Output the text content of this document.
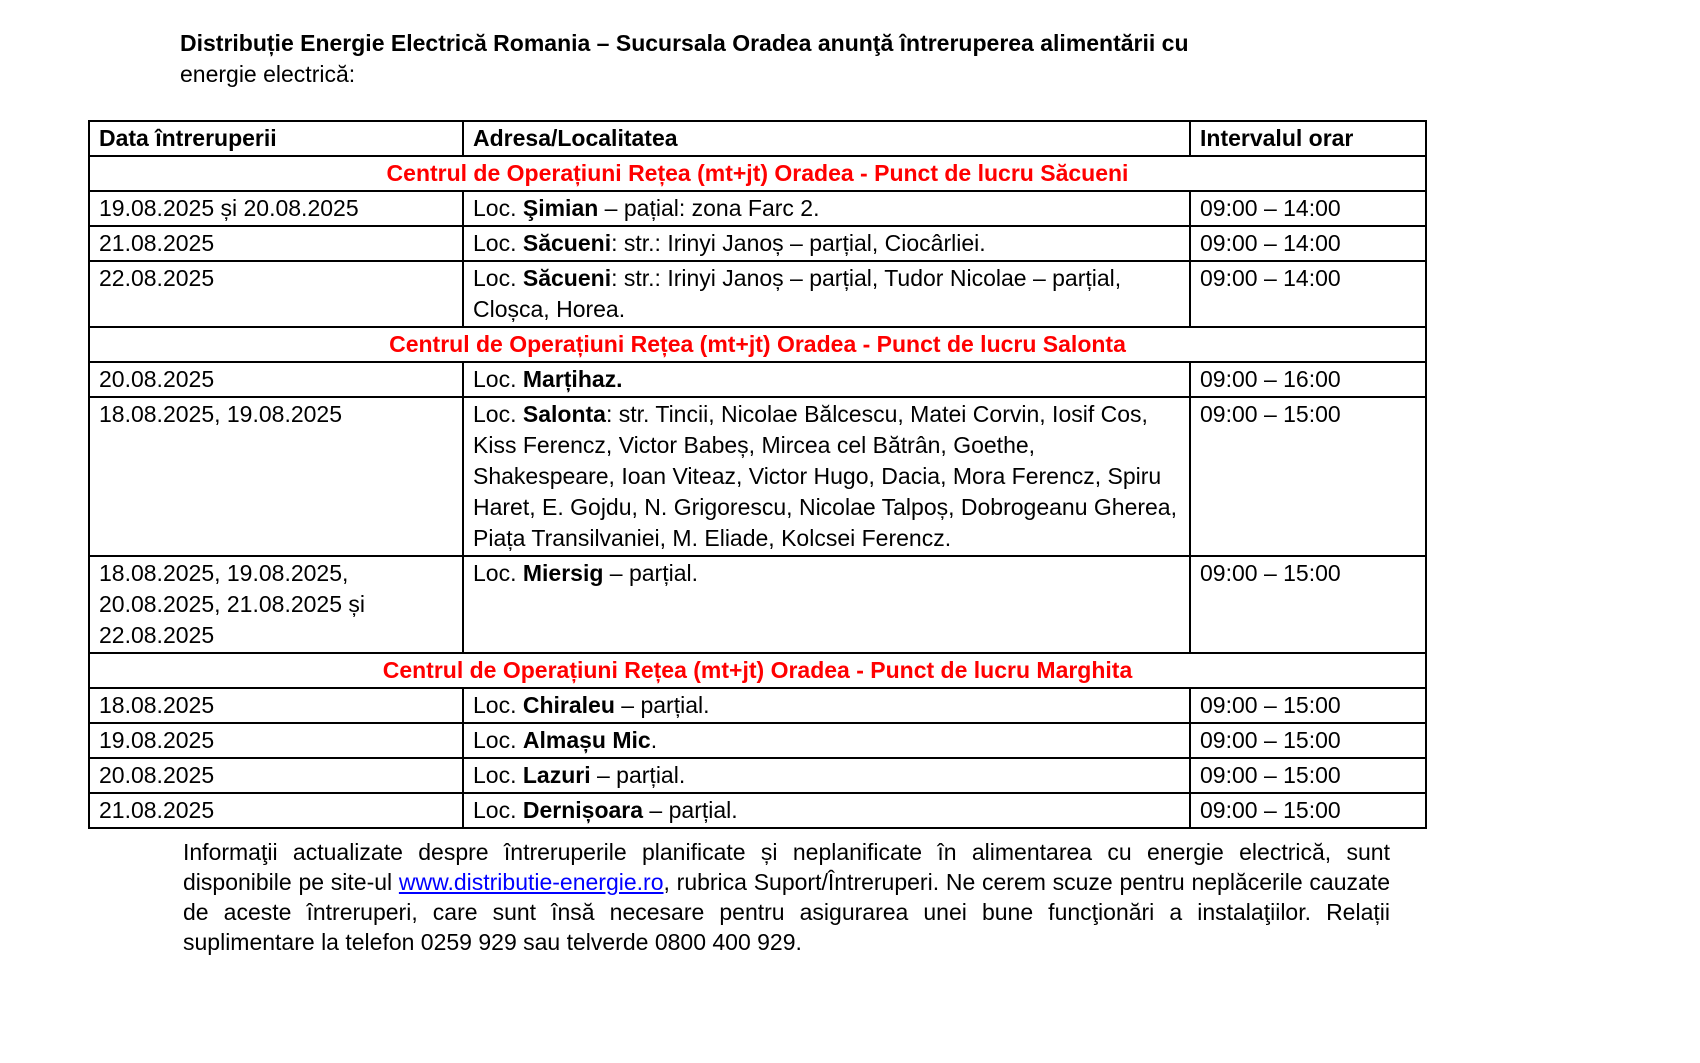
Distribuție Energie Electrică Romania – Sucursala Oradea anunţă întreruperea alimentării cu
energie electrică:

Data întreruperii	Adresa/Localitatea	Intervalul orar
Centrul de Operațiuni Rețea (mt+jt) Oradea - Punct de lucru Săcueni		
19.08.2025 și 20.08.2025	Loc. Şimian – pațial: zona Farc 2.	09:00 – 14:00
21.08.2025	Loc. Săcueni: str.: Irinyi Janoș – parțial, Ciocârliei.	09:00 – 14:00
22.08.2025	Loc. Săcueni: str.: Irinyi Janoș – parțial, Tudor Nicolae – parțial, Cloșca, Horea.	09:00 – 14:00
Centrul de Operațiuni Rețea (mt+jt) Oradea - Punct de lucru Salonta		
20.08.2025	Loc. Marțihaz.	09:00 – 16:00
18.08.2025, 19.08.2025	Loc. Salonta: str. Tincii, Nicolae Bălcescu, Matei Corvin, Iosif Cos, Kiss Ferencz, Victor Babeș, Mircea cel Bătrân, Goethe, Shakespeare, Ioan Viteaz, Victor Hugo, Dacia, Mora Ferencz, Spiru Haret, E. Gojdu, N. Grigorescu, Nicolae Talpoș, Dobrogeanu Gherea, Piața Transilvaniei, M. Eliade, Kolcsei Ferencz.	09:00 – 15:00
18.08.2025, 19.08.2025, 20.08.2025, 21.08.2025 și 22.08.2025	Loc. Miersig – parțial.	09:00 – 15:00
Centrul de Operațiuni Rețea (mt+jt) Oradea - Punct de lucru Marghita		
18.08.2025	Loc. Chiraleu – parțial.	09:00 – 15:00
19.08.2025	Loc. Almașu Mic.	09:00 – 15:00
20.08.2025	Loc. Lazuri – parțial.	09:00 – 15:00
21.08.2025	Loc. Dernișoara – parțial.	09:00 – 15:00

Informaţii actualizate despre întreruperile planificate și neplanificate în alimentarea cu energie electrică, sunt disponibile pe site-ul www.distributie-energie.ro, rubrica Suport/Întreruperi. Ne cerem scuze pentru neplăcerile cauzate de aceste întreruperi, care sunt însă necesare pentru asigurarea unei bune funcţionări a instalaţiilor. Relații suplimentare la telefon 0259 929 sau telverde 0800 400 929.
